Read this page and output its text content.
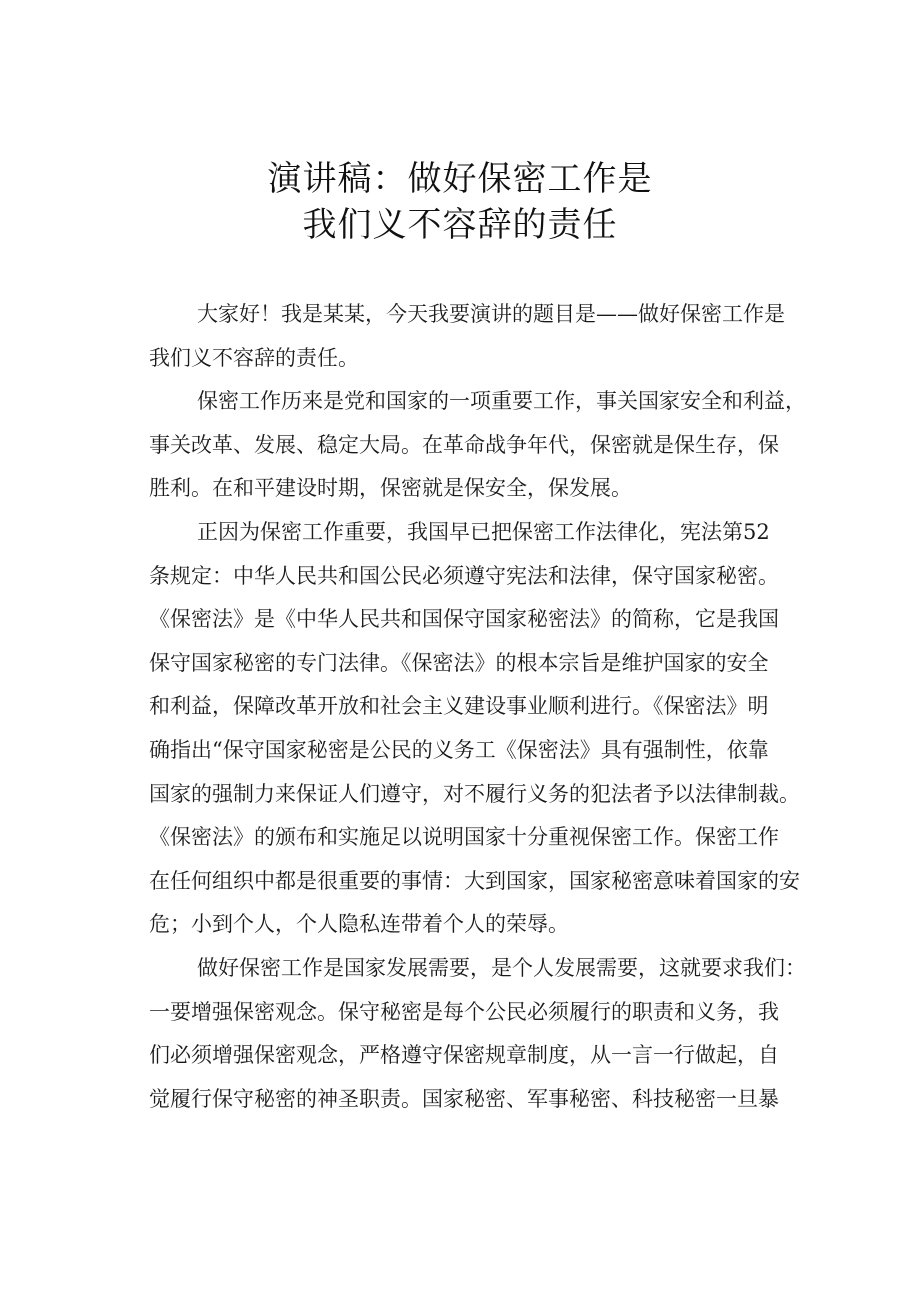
演讲稿：做好保密工作是
我们义不容辞的责任

大家好！我是某某，今天我要演讲的题目是——做好保密工作是
我们义不容辞的责任。

保密工作历来是党和国家的一项重要工作，事关国家安全和利益，
事关改革、发展、稳定大局。在革命战争年代，保密就是保生存，保
胜利。在和平建设时期，保密就是保安全，保发展。

正因为保密工作重要，我国早已把保密工作法律化，宪法第52
条规定：中华人民共和国公民必须遵守宪法和法律，保守国家秘密。
《保密法》是《中华人民共和国保守国家秘密法》的简称，它是我国
保守国家秘密的专门法律。《保密法》的根本宗旨是维护国家的安全
和利益，保障改革开放和社会主义建设事业顺利进行。《保密法》明
确指出“保守国家秘密是公民的义务工《保密法》具有强制性，依靠
国家的强制力来保证人们遵守，对不履行义务的犯法者予以法律制裁。
《保密法》的颁布和实施足以说明国家十分重视保密工作。保密工作
在任何组织中都是很重要的事情：大到国家，国家秘密意味着国家的安
危；小到个人，个人隐私连带着个人的荣辱。

做好保密工作是国家发展需要，是个人发展需要，这就要求我们：
一要增强保密观念。保守秘密是每个公民必须履行的职责和义务，我
们必须增强保密观念，严格遵守保密规章制度，从一言一行做起，自
觉履行保守秘密的神圣职责。国家秘密、军事秘密、科技秘密一旦暴
